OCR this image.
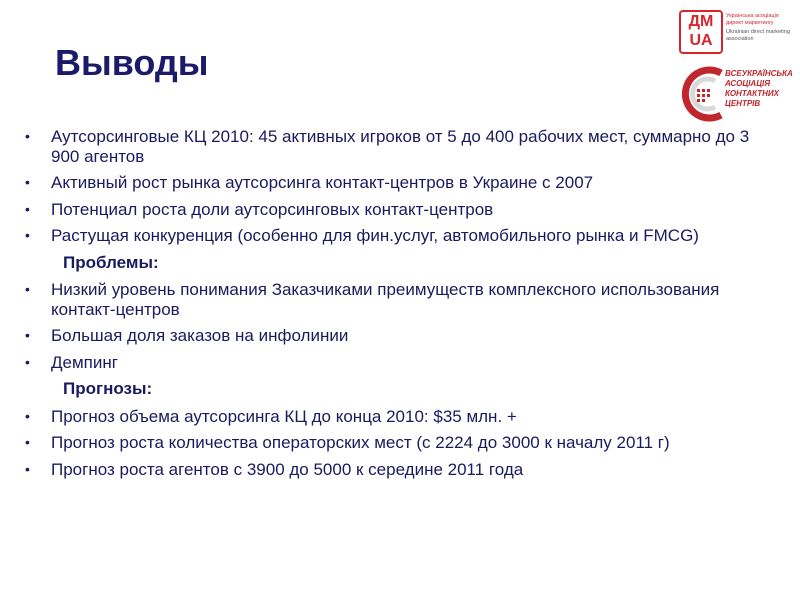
Выводы
ДМ
UA
Українська асоціація директ маркетингу
Ukrainian direct marketing association
ВСЕУКРАЇНСЬКА
АСОЦІАЦІЯ
КОНТАКТНИХ
ЦЕНТРІВ
• Аутсорсинговые КЦ 2010: 45 активных игроков от 5 до 400 рабочих мест, суммарно до 3 900 агентов
• Активный рост рынка аутсорсинга контакт-центров в Украине с 2007
• Потенциал роста доли аутсорсинговых контакт-центров
• Растущая конкуренция (особенно для фин.услуг, автомобильного рынка и FMCG)
Проблемы:
• Низкий уровень понимания Заказчиками преимуществ комплексного использования контакт-центров
• Большая доля заказов на инфолинии
• Демпинг
Прогнозы:
• Прогноз объема аутсорсинга КЦ до конца 2010: $35 млн. +
• Прогноз роста количества операторских мест (с 2224 до 3000 к началу 2011 г)
• Прогноз роста агентов с 3900 до 5000 к середине 2011 года
